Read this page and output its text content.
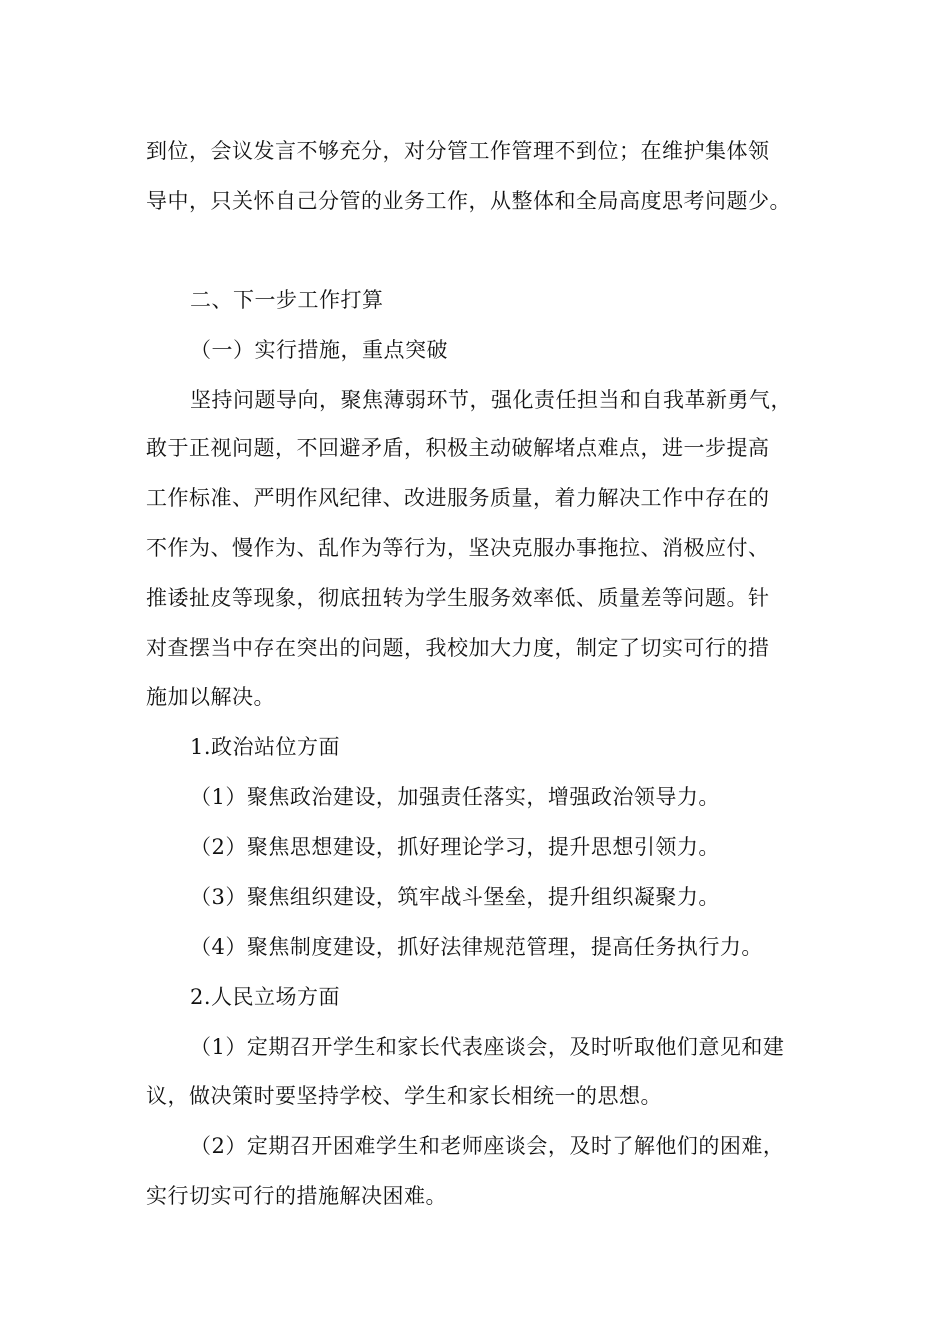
到位，会议发言不够充分，对分管工作管理不到位；在维护集体领
导中，只关怀自己分管的业务工作，从整体和全局高度思考问题少。
二、下一步工作打算
（一）实行措施，重点突破
坚持问题导向，聚焦薄弱环节，强化责任担当和自我革新勇气，
敢于正视问题，不回避矛盾，积极主动破解堵点难点，进一步提高
工作标准、严明作风纪律、改进服务质量，着力解决工作中存在的
不作为、慢作为、乱作为等行为，坚决克服办事拖拉、消极应付、
推诿扯皮等现象，彻底扭转为学生服务效率低、质量差等问题。针
对查摆当中存在突出的问题，我校加大力度，制定了切实可行的措
施加以解决。
1.政治站位方面
（1）聚焦政治建设，加强责任落实，增强政治领导力。
（2）聚焦思想建设，抓好理论学习，提升思想引领力。
（3）聚焦组织建设，筑牢战斗堡垒，提升组织凝聚力。
（4）聚焦制度建设，抓好法律规范管理，提高任务执行力。
2.人民立场方面
（1）定期召开学生和家长代表座谈会，及时听取他们意见和建
议，做决策时要坚持学校、学生和家长相统一的思想。
（2）定期召开困难学生和老师座谈会，及时了解他们的困难，
实行切实可行的措施解决困难。
